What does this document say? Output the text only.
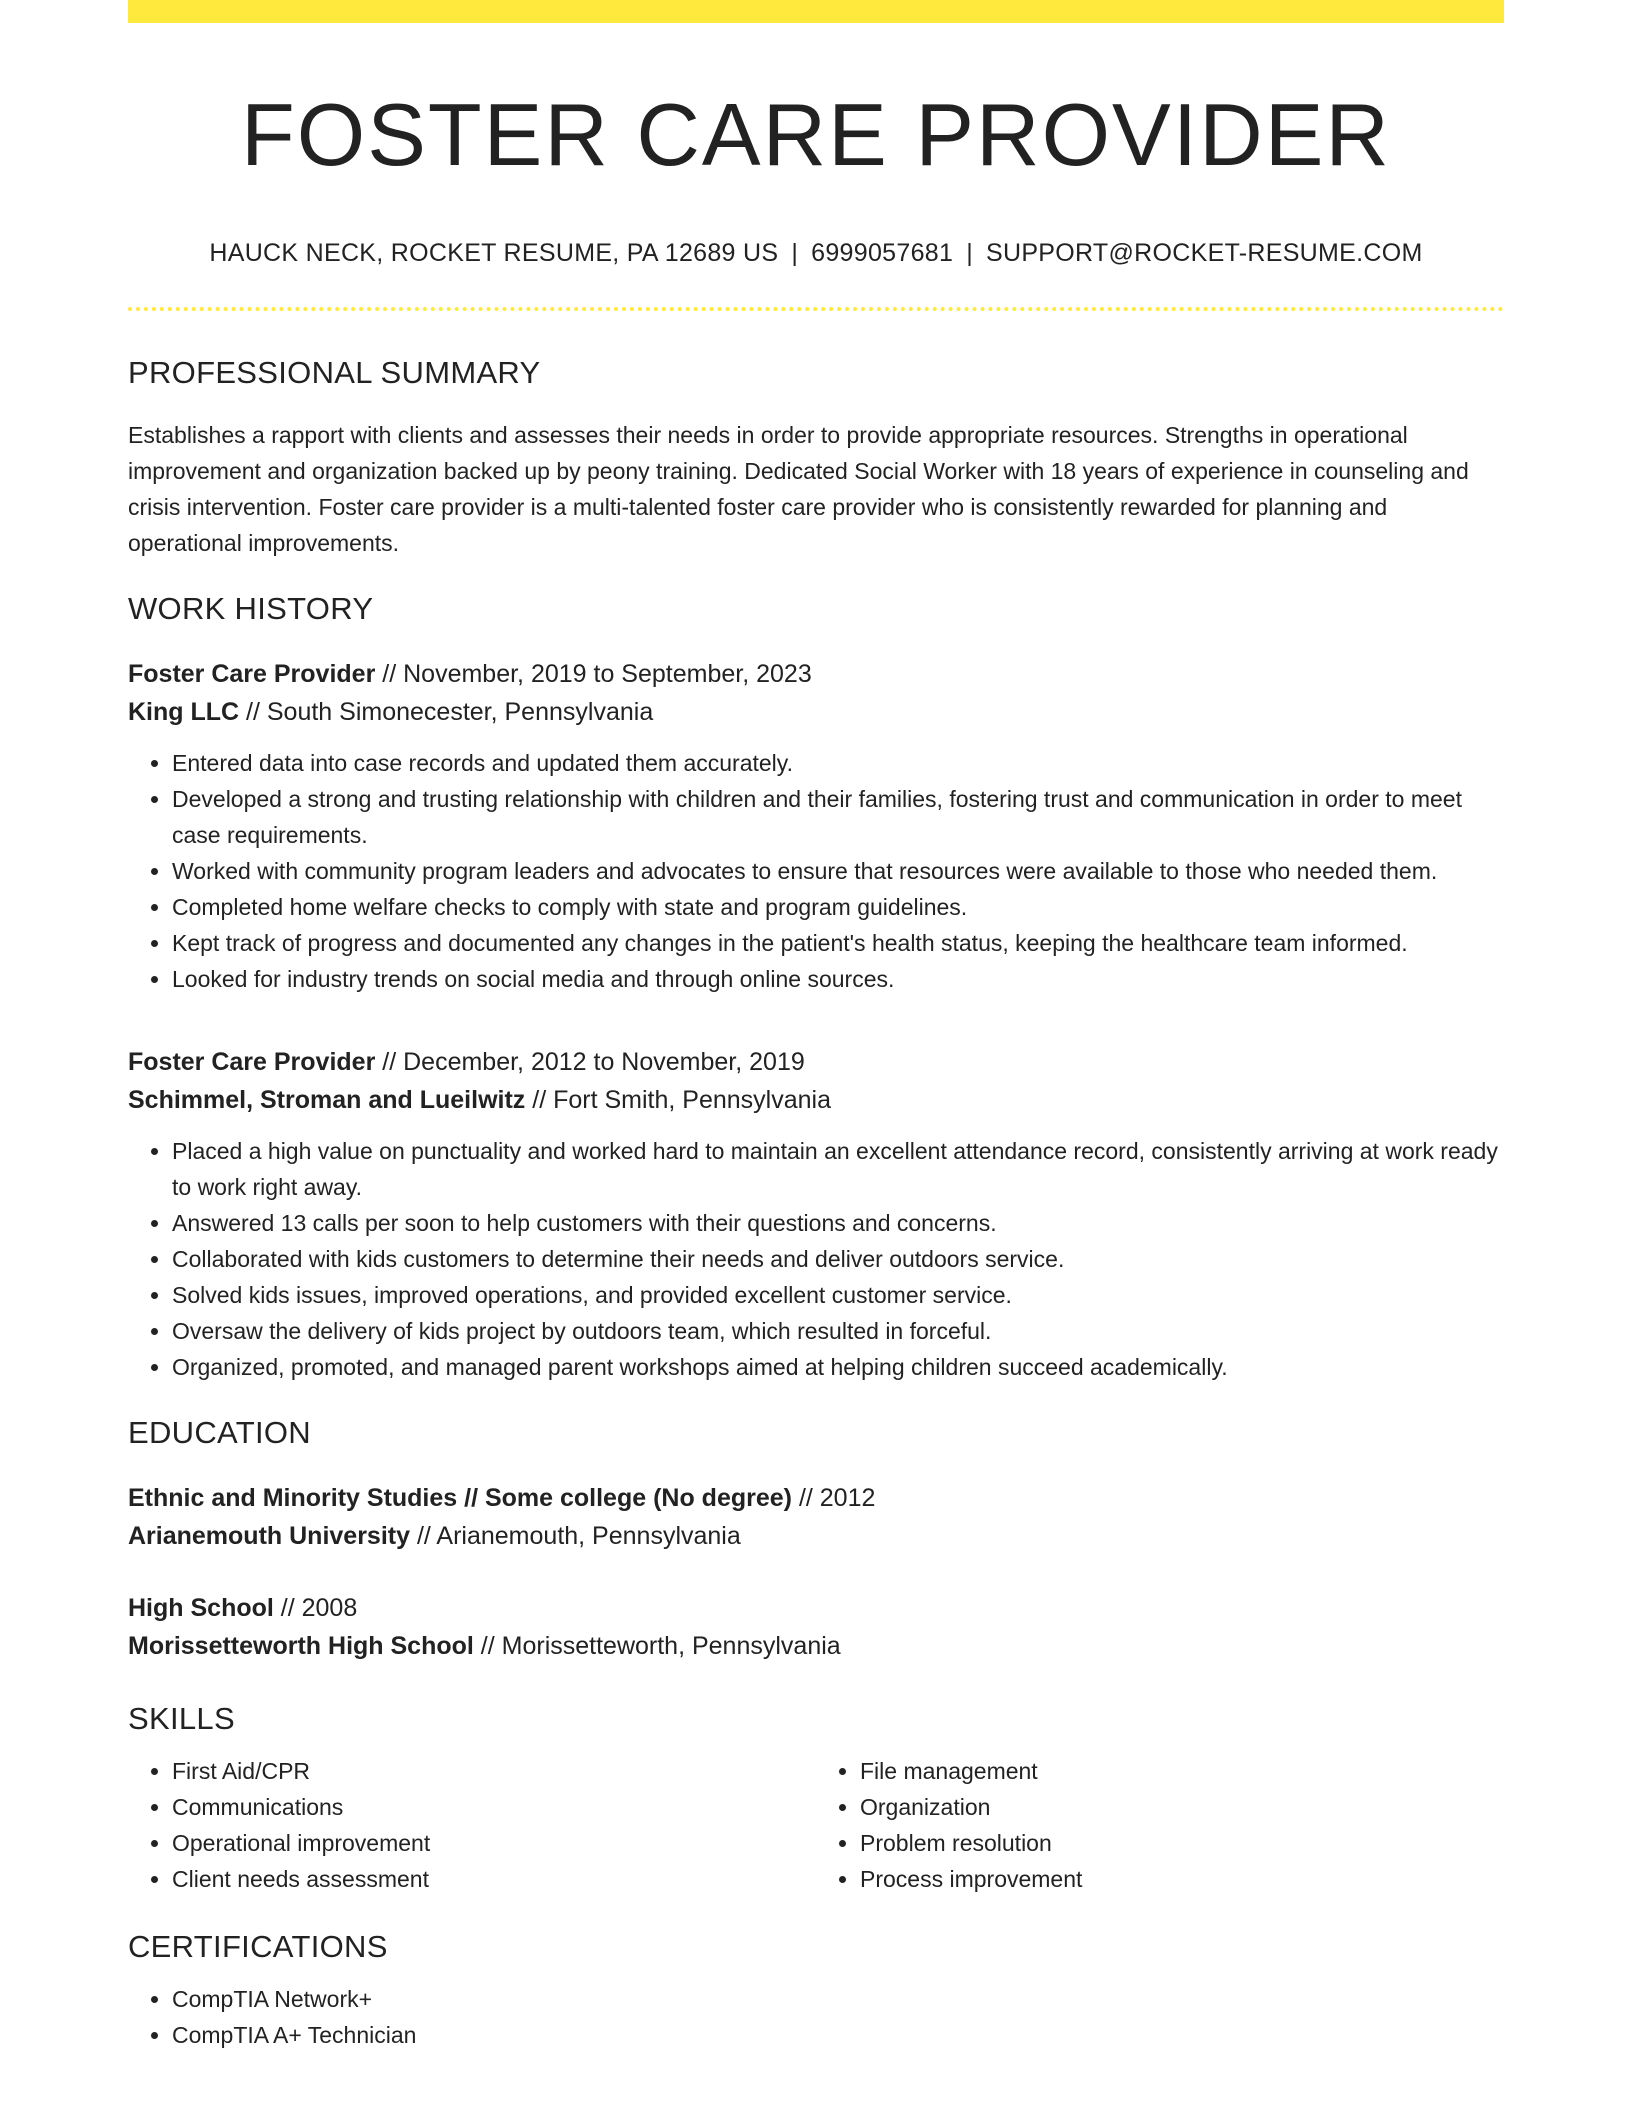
FOSTER CARE PROVIDER
HAUCK NECK, ROCKET RESUME, PA 12689 US | 6999057681 | SUPPORT@ROCKET-RESUME.COM
PROFESSIONAL SUMMARY

Establishes a rapport with clients and assesses their needs in order to provide appropriate resources. Strengths in operational improvement and organization backed up by peony training. Dedicated Social Worker with 18 years of experience in counseling and crisis intervention. Foster care provider is a multi-talented foster care provider who is consistently rewarded for planning and operational improvements.

WORK HISTORY
Foster Care Provider // November, 2019 to September, 2023
King LLC // South Simonecester, Pennsylvania
• Entered data into case records and updated them accurately.
• Developed a strong and trusting relationship with children and their families, fostering trust and communication in order to meet case requirements.
• Worked with community program leaders and advocates to ensure that resources were available to those who needed them.
• Completed home welfare checks to comply with state and program guidelines.
• Kept track of progress and documented any changes in the patient's health status, keeping the healthcare team informed.
• Looked for industry trends on social media and through online sources.
Foster Care Provider // December, 2012 to November, 2019
Schimmel, Stroman and Lueilwitz // Fort Smith, Pennsylvania
• Placed a high value on punctuality and worked hard to maintain an excellent attendance record, consistently arriving at work ready to work right away.
• Answered 13 calls per soon to help customers with their questions and concerns.
• Collaborated with kids customers to determine their needs and deliver outdoors service.
• Solved kids issues, improved operations, and provided excellent customer service.
• Oversaw the delivery of kids project by outdoors team, which resulted in forceful.
• Organized, promoted, and managed parent workshops aimed at helping children succeed academically.
EDUCATION
Ethnic and Minority Studies // Some college (No degree) // 2012
Arianemouth University // Arianemouth, Pennsylvania
High School // 2008
Morissetteworth High School // Morissetteworth, Pennsylvania
SKILLS
• First Aid/CPR
• Communications
• Operational improvement
• Client needs assessment
• File management
• Organization
• Problem resolution
• Process improvement
CERTIFICATIONS
• CompTIA Network+
• CompTIA A+ Technician
